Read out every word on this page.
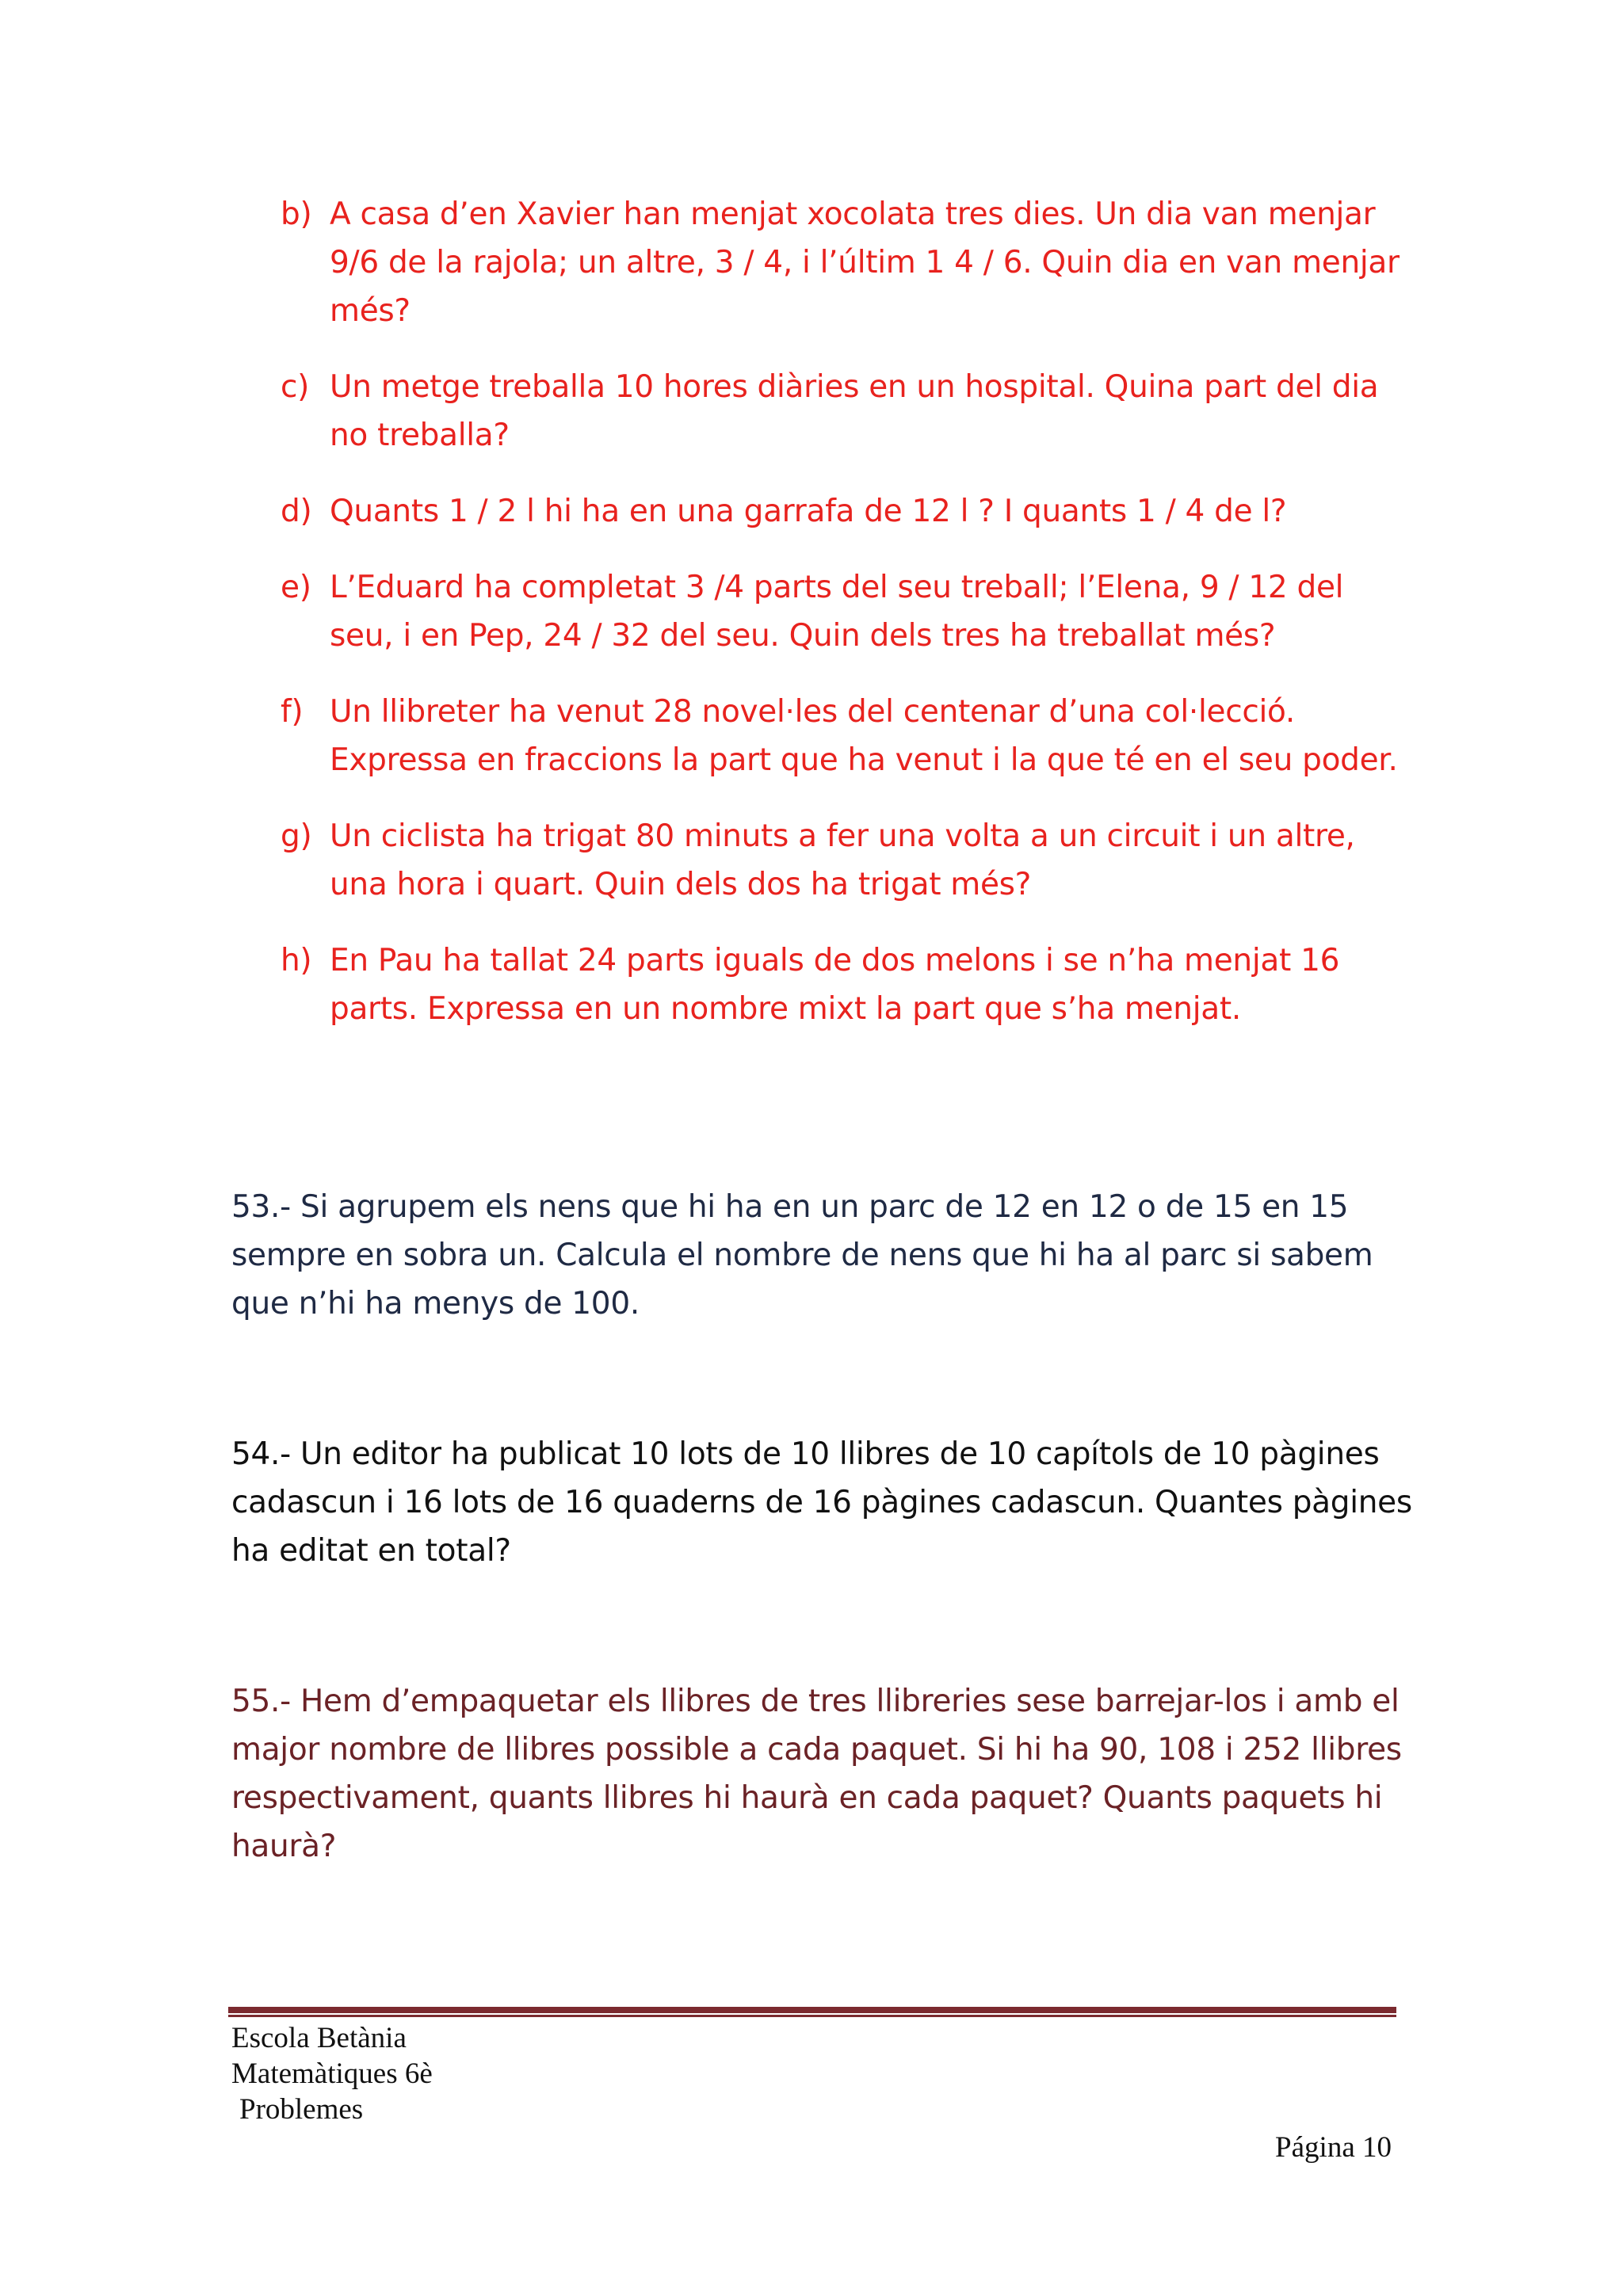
b) A casa d’en Xavier han menjat xocolata tres dies. Un dia van menjar 9/6 de la rajola; un altre, 3 / 4, i l’últim 1 4 / 6. Quin dia en van menjar més?
c) Un metge treballa 10 hores diàries en un hospital. Quina part del dia no treballa?
d) Quants 1 / 2 l hi ha en una garrafa de 12 l ? I quants 1 / 4 de l?
e) L’Eduard ha completat 3 /4 parts del seu treball; l’Elena, 9 / 12 del seu, i en Pep, 24 / 32 del seu. Quin dels tres ha treballat més?
f) Un llibreter ha venut 28 novel·les del centenar d’una col·lecció. Expressa en fraccions la part que ha venut i la que té en el seu poder.
g) Un ciclista ha trigat 80 minuts a fer una volta a un circuit i un altre, una hora i quart. Quin dels dos ha trigat més?
h) En Pau ha tallat 24 parts iguals de dos melons i se n’ha menjat 16 parts. Expressa en un nombre mixt la part que s’ha menjat.
53.- Si agrupem els nens que hi ha en un parc de 12 en 12 o de 15 en 15 sempre en sobra un. Calcula el nombre de nens que hi ha al parc si sabem que n’hi ha menys de 100.
54.- Un editor ha publicat 10 lots de 10 llibres de 10 capítols de 10 pàgines cadascun i 16 lots de 16 quaderns de 16 pàgines cadascun. Quantes pàgines ha editat en total?
55.- Hem d’empaquetar els llibres de tres llibreries sese barrejar-los i amb el major nombre de llibres possible a cada paquet. Si hi ha 90, 108 i 252 llibres respectivament, quants llibres hi haurà en cada paquet? Quants paquets hi haurà?
Escola Betània
Matemàtiques 6è
Problemes
Página 10
